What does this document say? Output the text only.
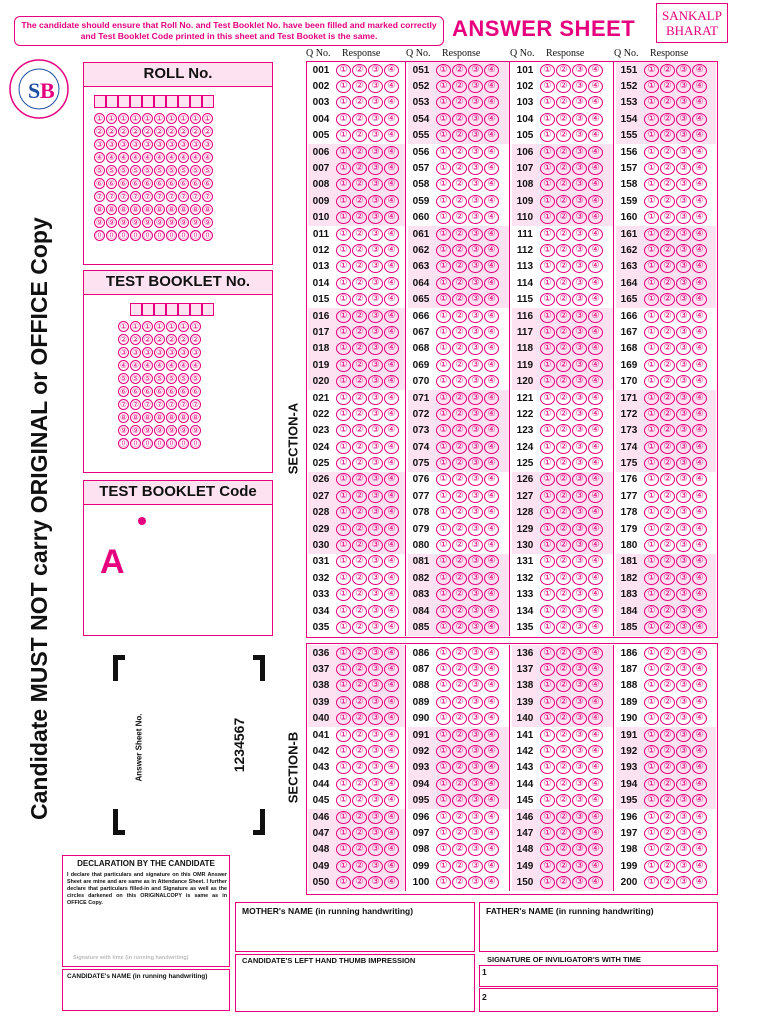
The candidate should ensure that Roll No. and Test Booklet No. have been filled and marked correctly and Test Booklet Code printed in this sheet and Test Booket is the same.	ANSWER SHEET
SANKALP
BHARAT
S B
ROLL No.
① ① ① ① ① ① ① ① ① ①
② ② ② ② ② ② ② ② ② ②
③ ③ ③ ③ ③ ③ ③ ③ ③ ③
④ ④ ④ ④ ④ ④ ④ ④ ④ ④
⑤ ⑤ ⑤ ⑤ ⑤ ⑤ ⑤ ⑤ ⑤ ⑤
⑥ ⑥ ⑥ ⑥ ⑥ ⑥ ⑥ ⑥ ⑥ ⑥
⑦ ⑦ ⑦ ⑦ ⑦ ⑦ ⑦ ⑦ ⑦ ⑦
⑧ ⑧ ⑧ ⑧ ⑧ ⑧ ⑧ ⑧ ⑧ ⑧
⑨ ⑨ ⑨ ⑨ ⑨ ⑨ ⑨ ⑨ ⑨ ⑨
⓪ ⓪ ⓪ ⓪ ⓪ ⓪ ⓪ ⓪ ⓪ ⓪
TEST BOOKLET No.
① ① ① ① ① ① ①
② ② ② ② ② ② ②
③ ③ ③ ③ ③ ③ ③
④ ④ ④ ④ ④ ④ ④
⑤ ⑤ ⑤ ⑤ ⑤ ⑤ ⑤
⑥ ⑥ ⑥ ⑥ ⑥ ⑥ ⑥
⑦ ⑦ ⑦ ⑦ ⑦ ⑦ ⑦
⑧ ⑧ ⑧ ⑧ ⑧ ⑧ ⑧
⑨ ⑨ ⑨ ⑨ ⑨ ⑨ ⑨
⓪ ⓪ ⓪ ⓪ ⓪ ⓪ ⓪
TEST BOOKLET Code
A
Candidate MUST NOT carry ORIGINAL or OFFICE Copy	Answer Sheet No.	1234567
SECTION-A
SECTION-B
Q No. Response	Q No. Response	Q No. Response	Q No. Response
001	① ② ③ ④
002	① ② ③ ④
003	① ② ③ ④
004	① ② ③ ④
005	① ② ③ ④
006	① ② ③ ④
007	① ② ③ ④
008	① ② ③ ④
009	① ② ③ ④
010	① ② ③ ④
011	① ② ③ ④
012	① ② ③ ④
013	① ② ③ ④
014	① ② ③ ④
015	① ② ③ ④
016	① ② ③ ④
017	① ② ③ ④
018	① ② ③ ④
019	① ② ③ ④
020	① ② ③ ④
021	① ② ③ ④
022	① ② ③ ④
023	① ② ③ ④
024	① ② ③ ④
025	① ② ③ ④
026	① ② ③ ④
027	① ② ③ ④
028	① ② ③ ④
029	① ② ③ ④
030	① ② ③ ④
031	① ② ③ ④
032	① ② ③ ④
033	① ② ③ ④
034	① ② ③ ④
035	① ② ③ ④
051	① ② ③ ④
052	① ② ③ ④
053	① ② ③ ④
054	① ② ③ ④
055	① ② ③ ④
056	① ② ③ ④
057	① ② ③ ④
058	① ② ③ ④
059	① ② ③ ④
060	① ② ③ ④
061	① ② ③ ④
062	① ② ③ ④
063	① ② ③ ④
064	① ② ③ ④
065	① ② ③ ④
066	① ② ③ ④
067	① ② ③ ④
068	① ② ③ ④
069	① ② ③ ④
070	① ② ③ ④
071	① ② ③ ④
072	① ② ③ ④
073	① ② ③ ④
074	① ② ③ ④
075	① ② ③ ④
076	① ② ③ ④
077	① ② ③ ④
078	① ② ③ ④
079	① ② ③ ④
080	① ② ③ ④
081	① ② ③ ④
082	① ② ③ ④
083	① ② ③ ④
084	① ② ③ ④
085	① ② ③ ④
101	① ② ③ ④
102	① ② ③ ④
103	① ② ③ ④
104	① ② ③ ④
105	① ② ③ ④
106	① ② ③ ④
107	① ② ③ ④
108	① ② ③ ④
109	① ② ③ ④
110	① ② ③ ④
111	① ② ③ ④
112	① ② ③ ④
113	① ② ③ ④
114	① ② ③ ④
115	① ② ③ ④
116	① ② ③ ④
117	① ② ③ ④
118	① ② ③ ④
119	① ② ③ ④
120	① ② ③ ④
121	① ② ③ ④
122	① ② ③ ④
123	① ② ③ ④
124	① ② ③ ④
125	① ② ③ ④
126	① ② ③ ④
127	① ② ③ ④
128	① ② ③ ④
129	① ② ③ ④
130	① ② ③ ④
131	① ② ③ ④
132	① ② ③ ④
133	① ② ③ ④
134	① ② ③ ④
135	① ② ③ ④
151	① ② ③ ④
152	① ② ③ ④
153	① ② ③ ④
154	① ② ③ ④
155	① ② ③ ④
156	① ② ③ ④
157	① ② ③ ④
158	① ② ③ ④
159	① ② ③ ④
160	① ② ③ ④
161	① ② ③ ④
162	① ② ③ ④
163	① ② ③ ④
164	① ② ③ ④
165	① ② ③ ④
166	① ② ③ ④
167	① ② ③ ④
168	① ② ③ ④
169	① ② ③ ④
170	① ② ③ ④
171	① ② ③ ④
172	① ② ③ ④
173	① ② ③ ④
174	① ② ③ ④
175	① ② ③ ④
176	① ② ③ ④
177	① ② ③ ④
178	① ② ③ ④
179	① ② ③ ④
180	① ② ③ ④
181	① ② ③ ④
182	① ② ③ ④
183	① ② ③ ④
184	① ② ③ ④
185	① ② ③ ④
036	① ② ③ ④
037	① ② ③ ④
038	① ② ③ ④
039	① ② ③ ④
040	① ② ③ ④
041	① ② ③ ④
042	① ② ③ ④
043	① ② ③ ④
044	① ② ③ ④
045	① ② ③ ④
046	① ② ③ ④
047	① ② ③ ④
048	① ② ③ ④
049	① ② ③ ④
050	① ② ③ ④
086	① ② ③ ④
087	① ② ③ ④
088	① ② ③ ④
089	① ② ③ ④
090	① ② ③ ④
091	① ② ③ ④
092	① ② ③ ④
093	① ② ③ ④
094	① ② ③ ④
095	① ② ③ ④
096	① ② ③ ④
097	① ② ③ ④
098	① ② ③ ④
099	① ② ③ ④
100	① ② ③ ④
136	① ② ③ ④
137	① ② ③ ④
138	① ② ③ ④
139	① ② ③ ④
140	① ② ③ ④
141	① ② ③ ④
142	① ② ③ ④
143	① ② ③ ④
144	① ② ③ ④
145	① ② ③ ④
146	① ② ③ ④
147	① ② ③ ④
148	① ② ③ ④
149	① ② ③ ④
150	① ② ③ ④
186	① ② ③ ④
187	① ② ③ ④
188	① ② ③ ④
189	① ② ③ ④
190	① ② ③ ④
191	① ② ③ ④
192	① ② ③ ④
193	① ② ③ ④
194	① ② ③ ④
195	① ② ③ ④
196	① ② ③ ④
197	① ② ③ ④
198	① ② ③ ④
199	① ② ③ ④
200	① ② ③ ④
DECLARATION BY THE CANDIDATE
I declare that particulars and signature on this OMR Answer Sheet are mine and are same as in Attendance Sheet. I further declare that particulars filled-in and Signature as well as the circles darkened on this ORIGINALCOPY is same as in OFFICE Copy.
Signature with time (in running handwriting)
CANDIDATE's NAME (in running handwriting)
MOTHER's NAME (in running handwriting)	FATHER's NAME (in running handwriting)
CANDIDATE'S LEFT HAND THUMB IMPRESSION	SIGNATURE OF INVILIGATOR'S WITH TIME
1
2
